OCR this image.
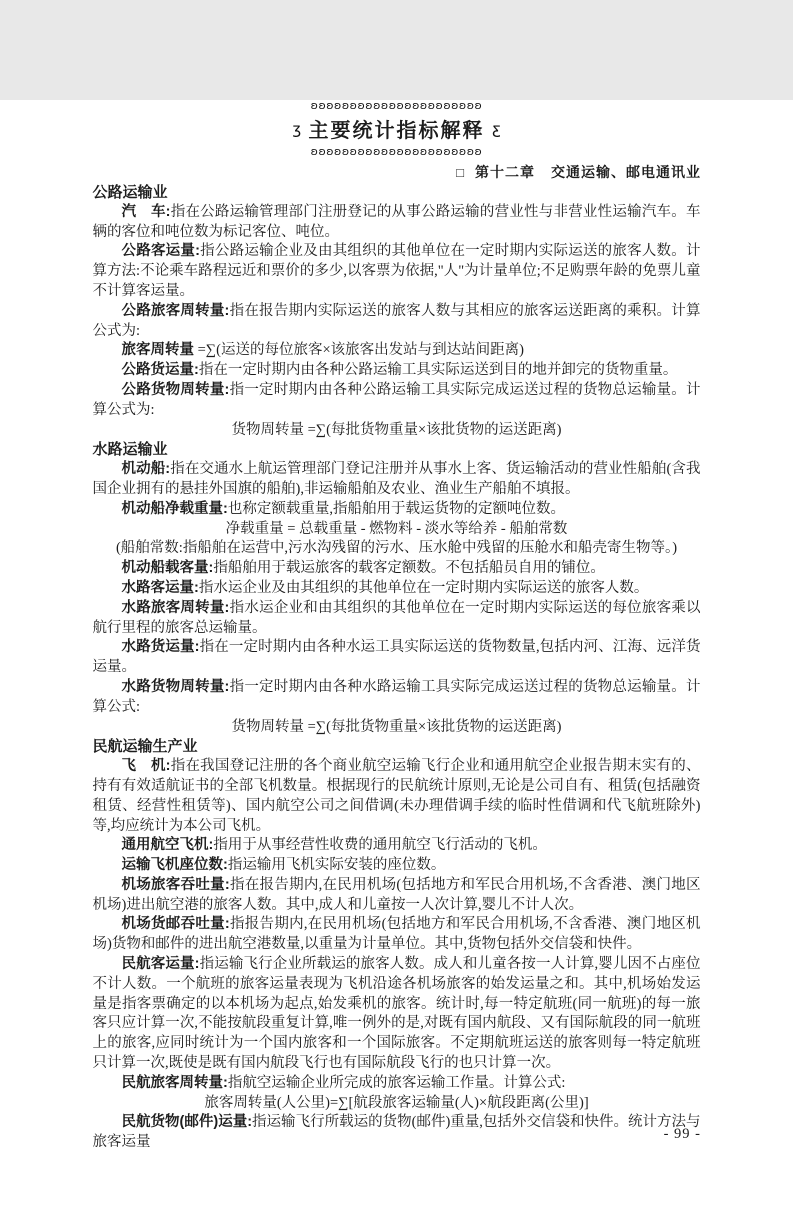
□ 第十二章 交通运输、邮电通讯业
ʚʚʚʚʚʚʚʚʚʚʚʚʚʚʚʚʚʚʚʚʚʚ
ʒ 主要统计指标解释 ʒ
ʚʚʚʚʚʚʚʚʚʚʚʚʚʚʚʚʚʚʚʚʚʚ
公路运输业

汽　车:指在公路运输管理部门注册登记的从事公路运输的营业性与非营业性运输汽车。车辆的客位和吨位数为标记客位、吨位。

公路客运量:指公路运输企业及由其组织的其他单位在一定时期内实际运送的旅客人数。计算方法:不论乘车路程远近和票价的多少,以客票为依据,"人"为计量单位;不足购票年龄的免票儿童不计算客运量。

公路旅客周转量:指在报告期内实际运送的旅客人数与其相应的旅客运送距离的乘积。计算公式为:

旅客周转量 =∑(运送的每位旅客×该旅客出发站与到达站间距离)

公路货运量:指在一定时期内由各种公路运输工具实际运送到目的地并卸完的货物重量。

公路货物周转量:指一定时期内由各种公路运输工具实际完成运送过程的货物总运输量。计算公式为:

货物周转量 =∑(每批货物重量×该批货物的运送距离)

水路运输业

机动船:指在交通水上航运管理部门登记注册并从事水上客、货运输活动的营业性船舶(含我国企业拥有的悬挂外国旗的船舶),非运输船舶及农业、渔业生产船舶不填报。

机动船净载重量:也称定额载重量,指船舶用于载运货物的定额吨位数。

净载重量 = 总载重量 - 燃物料 - 淡水等给养 - 船舶常数

(船舶常数:指船舶在运营中,污水沟残留的污水、压水舱中残留的压舱水和船壳寄生物等。)

机动船载客量:指船舶用于载运旅客的载客定额数。不包括船员自用的铺位。

水路客运量:指水运企业及由其组织的其他单位在一定时期内实际运送的旅客人数。

水路旅客周转量:指水运企业和由其组织的其他单位在一定时期内实际运送的每位旅客乘以航行里程的旅客总运输量。

水路货运量:指在一定时期内由各种水运工具实际运送的货物数量,包括内河、江海、远洋货运量。

水路货物周转量:指一定时期内由各种水路运输工具实际完成运送过程的货物总运输量。计算公式:

货物周转量 =∑(每批货物重量×该批货物的运送距离)

民航运输生产业

飞　机:指在我国登记注册的各个商业航空运输飞行企业和通用航空企业报告期末实有的、持有有效适航证书的全部飞机数量。根据现行的民航统计原则,无论是公司自有、租赁(包括融资租赁、经营性租赁等)、国内航空公司之间借调(未办理借调手续的临时性借调和代飞航班除外)等,均应统计为本公司飞机。

通用航空飞机:指用于从事经营性收费的通用航空飞行活动的飞机。

运输飞机座位数:指运输用飞机实际安装的座位数。

机场旅客吞吐量:指在报告期内,在民用机场(包括地方和军民合用机场,不含香港、澳门地区机场)进出航空港的旅客人数。其中,成人和儿童按一人次计算,婴儿不计人次。

机场货邮吞吐量:指报告期内,在民用机场(包括地方和军民合用机场,不含香港、澳门地区机场)货物和邮件的进出航空港数量,以重量为计量单位。其中,货物包括外交信袋和快件。

民航客运量:指运输飞行企业所载运的旅客人数。成人和儿童各按一人计算,婴儿因不占座位不计人数。一个航班的旅客运量表现为飞机沿途各机场旅客的始发运量之和。其中,机场始发运量是指客票确定的以本机场为起点,始发乘机的旅客。统计时,每一特定航班(同一航班)的每一旅客只应计算一次,不能按航段重复计算,唯一例外的是,对既有国内航段、又有国际航段的同一航班上的旅客,应同时统计为一个国内旅客和一个国际旅客。不定期航班运送的旅客则每一特定航班只计算一次,既使是既有国内航段飞行也有国际航段飞行的也只计算一次。

民航旅客周转量:指航空运输企业所完成的旅客运输工作量。计算公式:

旅客周转量(人公里)=∑[航段旅客运输量(人)×航段距离(公里)]

民航货物(邮件)运量:指运输飞行所载运的货物(邮件)重量,包括外交信袋和快件。统计方法与旅客运量

- 99 -
